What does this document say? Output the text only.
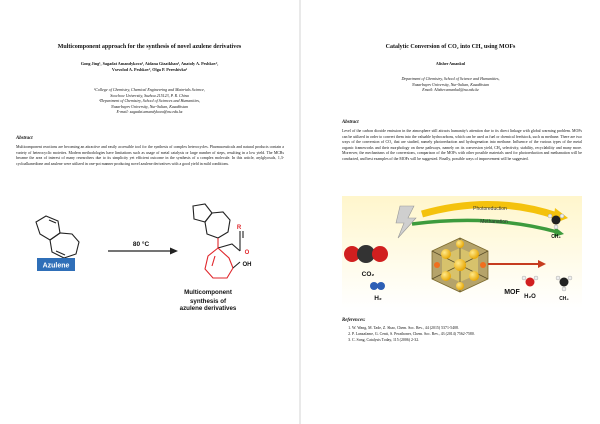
Multicomponent approach for the synthesis of novel azulene derivatives
Gong Jing¹, Sagadat Amandykova², Aidana Gizatkhan², Anatoly A. Peshkov²,
Vsevolod A. Peshkov², Olga P. Pereshivko¹
¹College of Chemistry, Chemical Engineering and Materials Science,
Soochow University, Suzhou 215123, P. R. China
²Department of Chemistry, School of Sciences and Humanities,
Nazarbayev University, Nur-Sultan, Kazakhstan
E-mail: sagadat.amandykova@nu.edu.kz
Abstract
Multicomponent reactions are becoming an attractive and easily accessible tool for the synthesis of complex heterocycles. Pharmaceuticals and natural products contain a variety of heterocyclic moieties. Modern methodologies have limitations such as usage of metal catalysts or large number of steps, resulting in a low yield. The MCRs became the area of interest of many researchers due to its simplicity yet efficient outcome in the synthesis of a complex molecule. In this article, arylglyoxals, 1,3-cycloalkanedione and azulene were utilized in one-pot manner producing novel azulene derivatives with a good yield in mild conditions.
Azulene
80 °C
R
O
OH
Multicomponent
synthesis of
azulene derivatives
Catalytic Conversion of CO₂ into CH₄ using MOFs
Alisher Amankul
Department of Chemistry, School of Science and Humanities,
Nazarbayev University, Nur-Sultan, Kazakhstan
Email: Alisher.amankul@nu.edu.kz
Abstract
Level of the carbon dioxide emission in the atmosphere still attracts humanity's attention due to its direct linkage with global warming problem. MOFs can be utilized in order to convert them into the valuable hydrocarbons, which can be used as fuel or chemical feedstock, such as methane. There are two ways of the conversion of CO₂ that are studied, namely photoreduction and hydrogenation into methane. Influence of the various types of the metal organic frameworks and their morphology on these pathways, namely on its conversion yield, CH₄ selectivity, stability, recyclability and many more. Moreover, the mechanisms of the conversions, comparison of the MOFs with other possible materials used for photoreduction and methanation will be conducted, and best examples of the MOFs will be suggested. Finally, possible ways of improvement will be suggested.
Photoreduction
Methanation
CO₂
H₂
MOF
CH₄
H₂O	CH₄
References:
1. W. Wang, M. Tade, Z. Shao, Chem. Soc. Rev., 44 (2015) 5371-5408.
2. P. Lanzafame, G. Centi, S. Perathoner, Chem. Soc. Rev., 43 (2014) 7562-7580.
3. C. Song, Catalysis Today, 115 (2006) 2-32.
